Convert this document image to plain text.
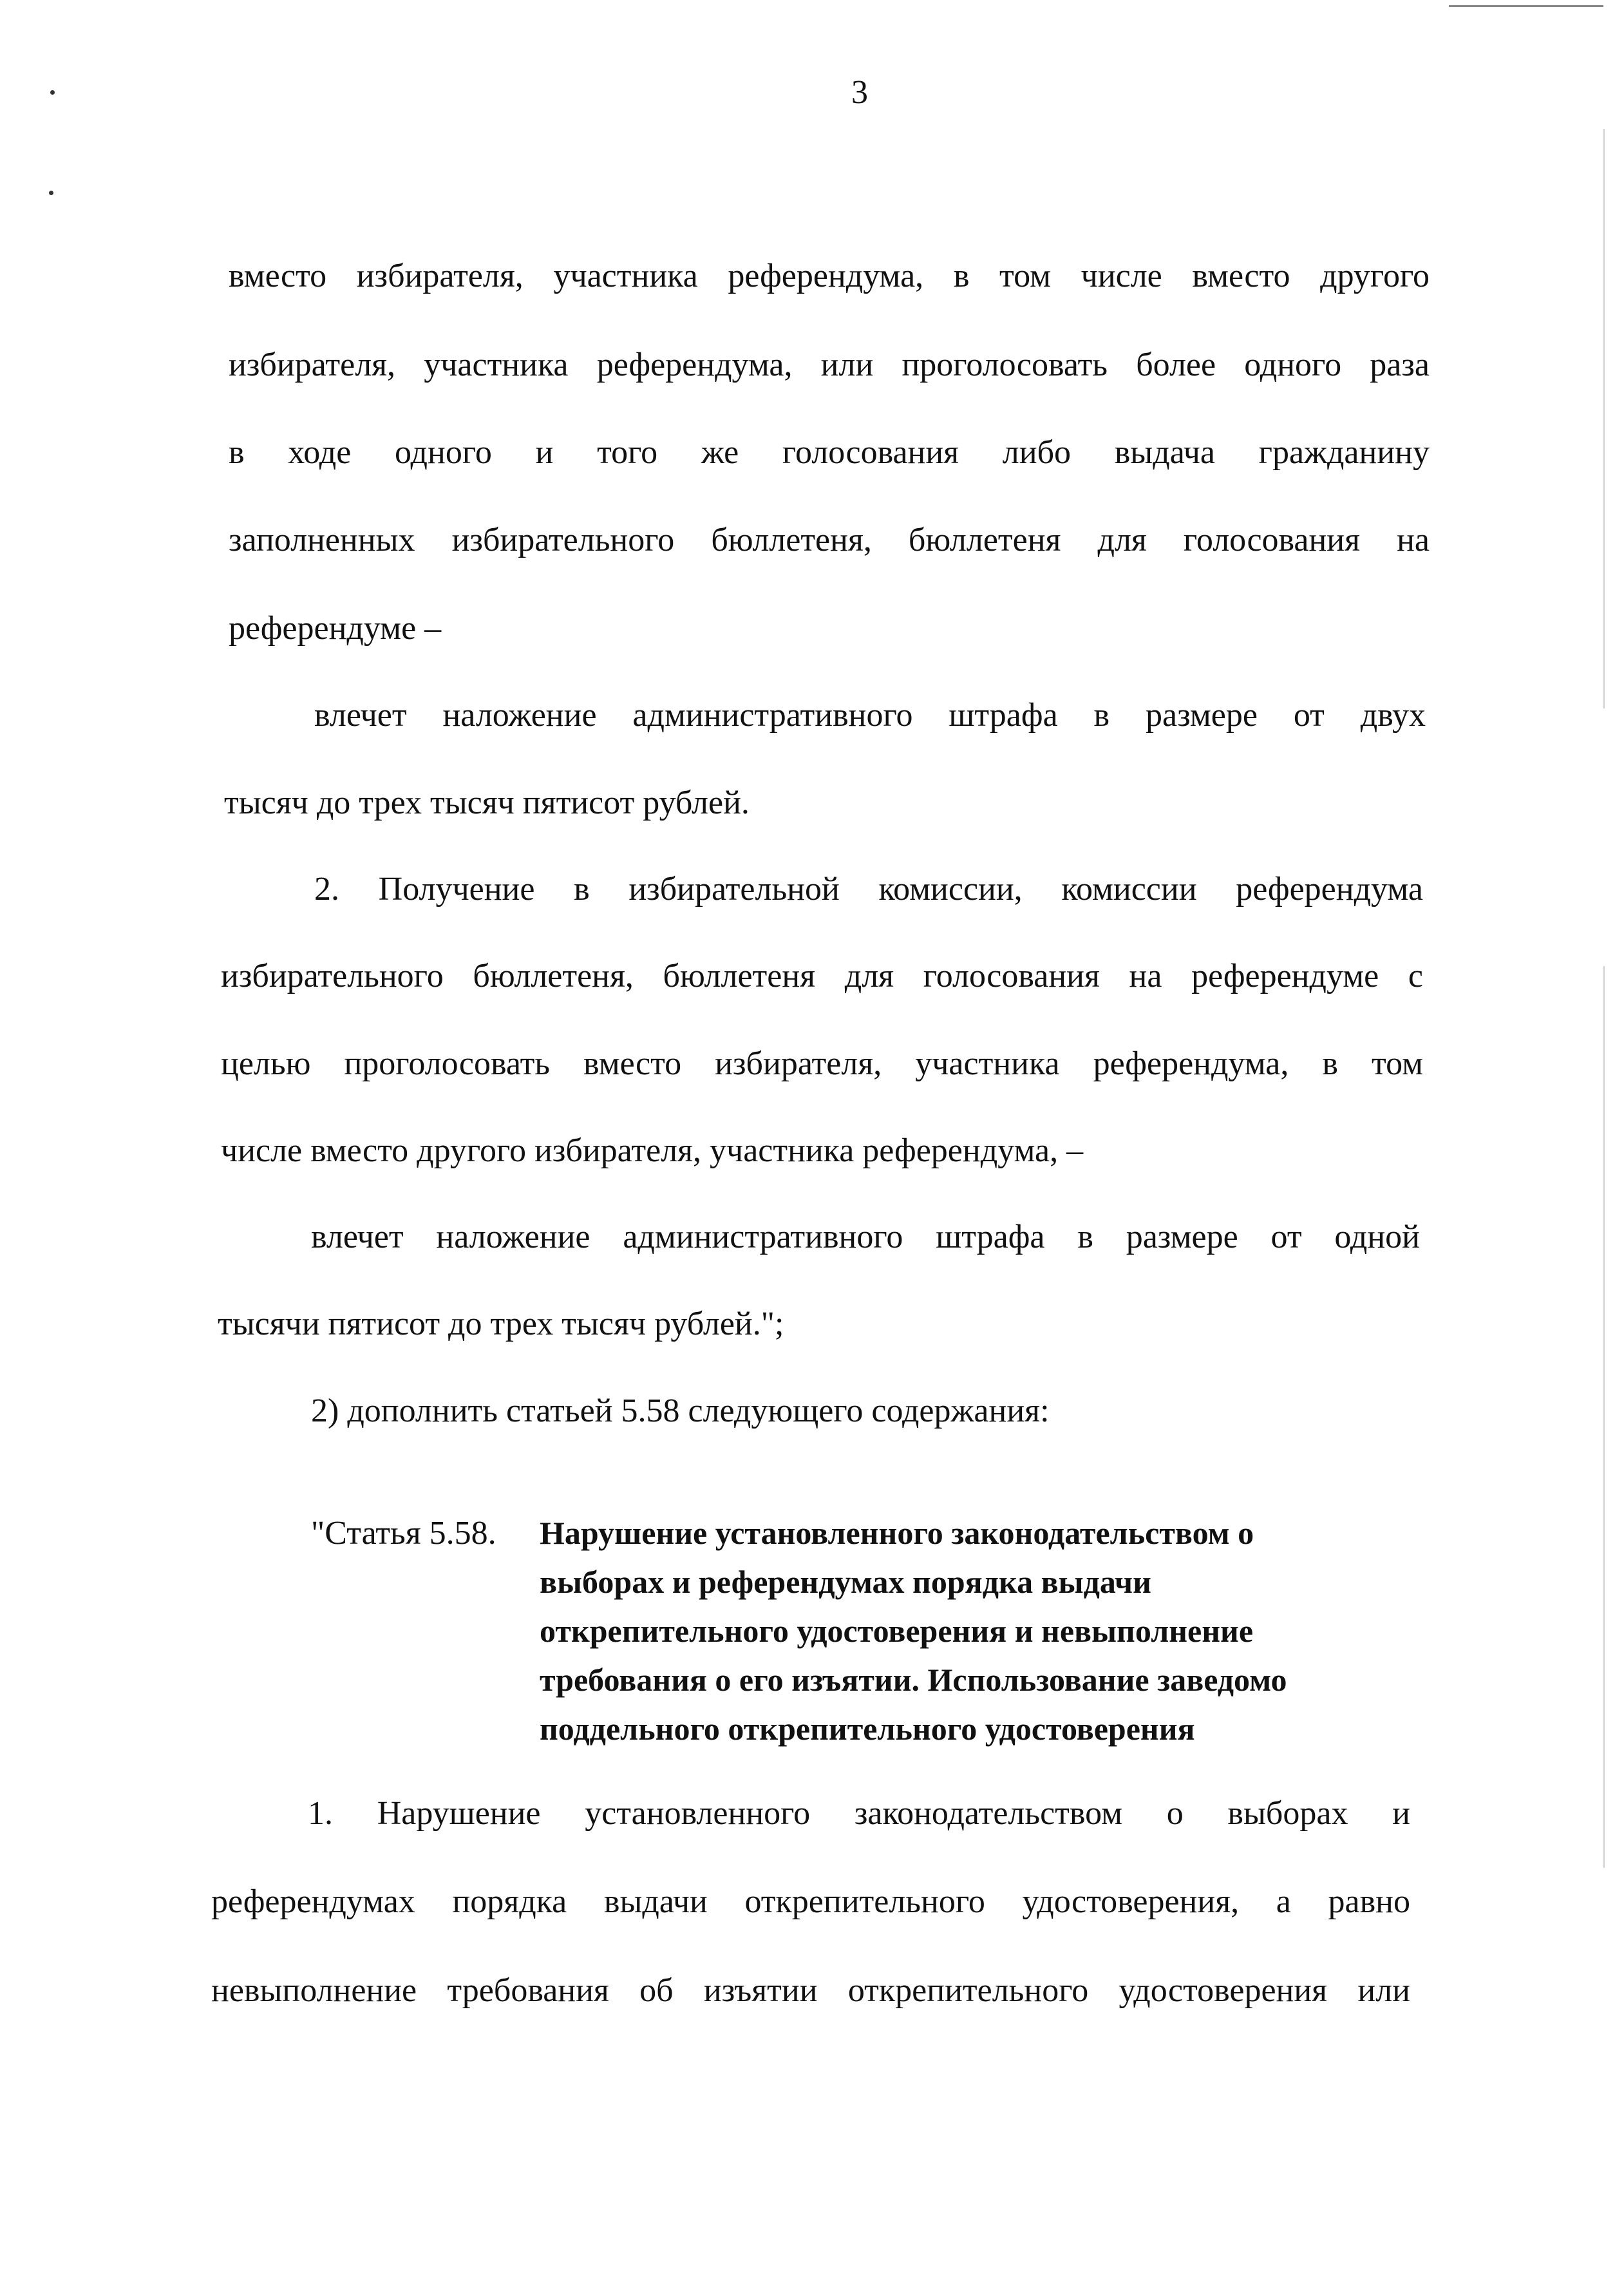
3
вместо избирателя, участника референдума, в том числе вместо другого
избирателя, участника референдума, или проголосовать более одного раза
в ходе одного и того же голосования либо выдача гражданину
заполненных избирательного бюллетеня, бюллетеня для голосования на
референдуме –
влечет наложение административного штрафа в размере от двух
тысяч до трех тысяч пятисот рублей.
2. Получение в избирательной комиссии, комиссии референдума
избирательного бюллетеня, бюллетеня для голосования на референдуме с
целью проголосовать вместо избирателя, участника референдума, в том
числе вместо другого избирателя, участника референдума, –
влечет наложение административного штрафа в размере от одной
тысячи пятисот до трех тысяч рублей.";
2) дополнить статьей 5.58 следующего содержания:
"Статья 5.58. Нарушение установленного законодательством о
выборах и референдумах порядка выдачи
открепительного удостоверения и невыполнение
требования о его изъятии. Использование заведомо
поддельного открепительного удостоверения
1. Нарушение установленного законодательством о выборах и
референдумах порядка выдачи открепительного удостоверения, а равно
невыполнение требования об изъятии открепительного удостоверения или
